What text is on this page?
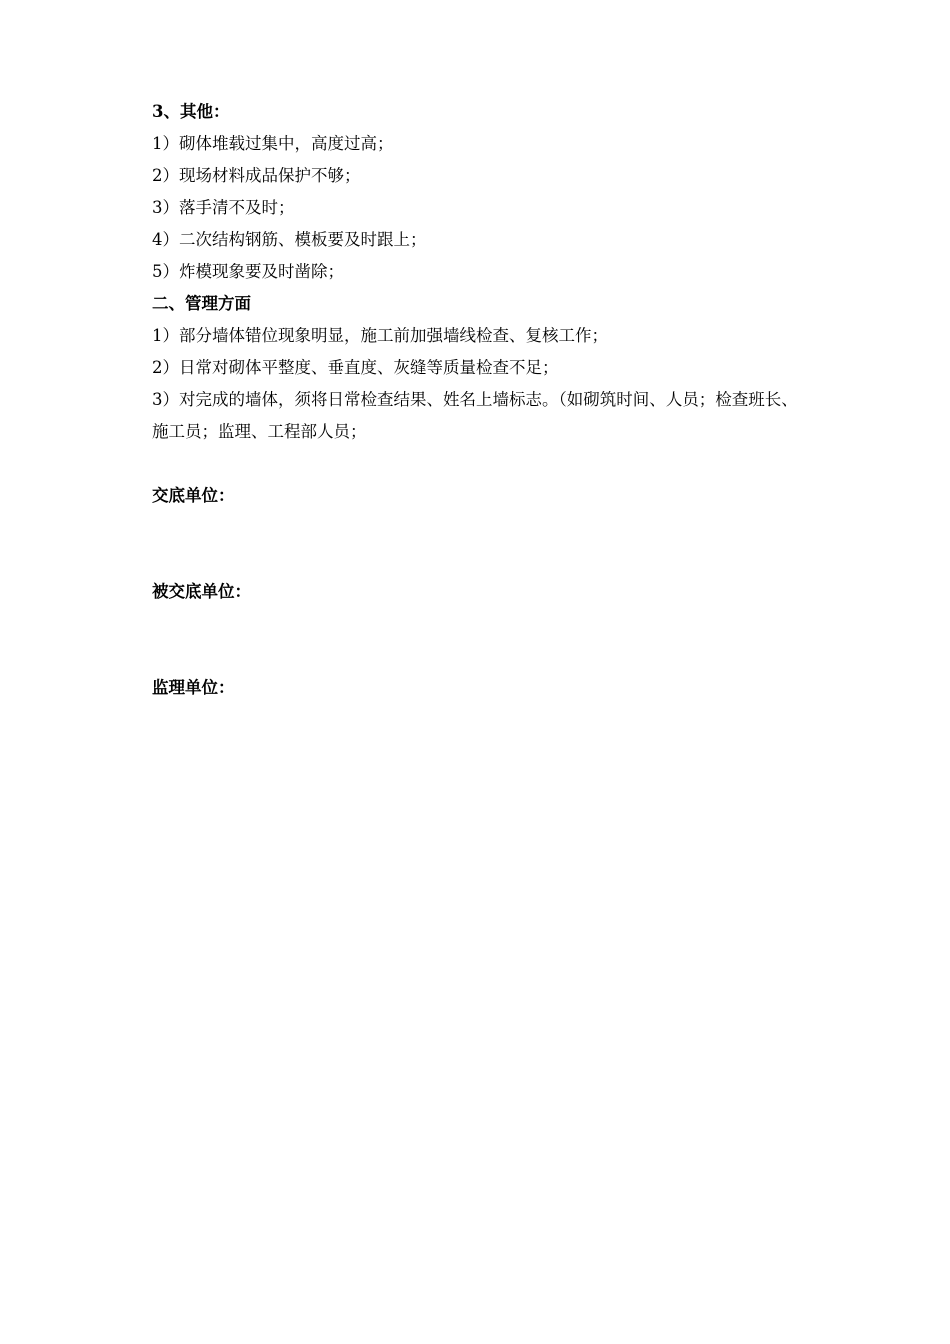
3、其他：
1）砌体堆载过集中，高度过高；
2）现场材料成品保护不够；
3）落手清不及时；
4）二次结构钢筋、模板要及时跟上；
5）炸模现象要及时凿除；
二、管理方面
1）部分墙体错位现象明显，施工前加强墙线检查、复核工作；
2）日常对砌体平整度、垂直度、灰缝等质量检查不足；
3）对完成的墙体，须将日常检查结果、姓名上墙标志。（如砌筑时间、人员；检查班长、
施工员；监理、工程部人员；
交底单位：
被交底单位：
监理单位：
